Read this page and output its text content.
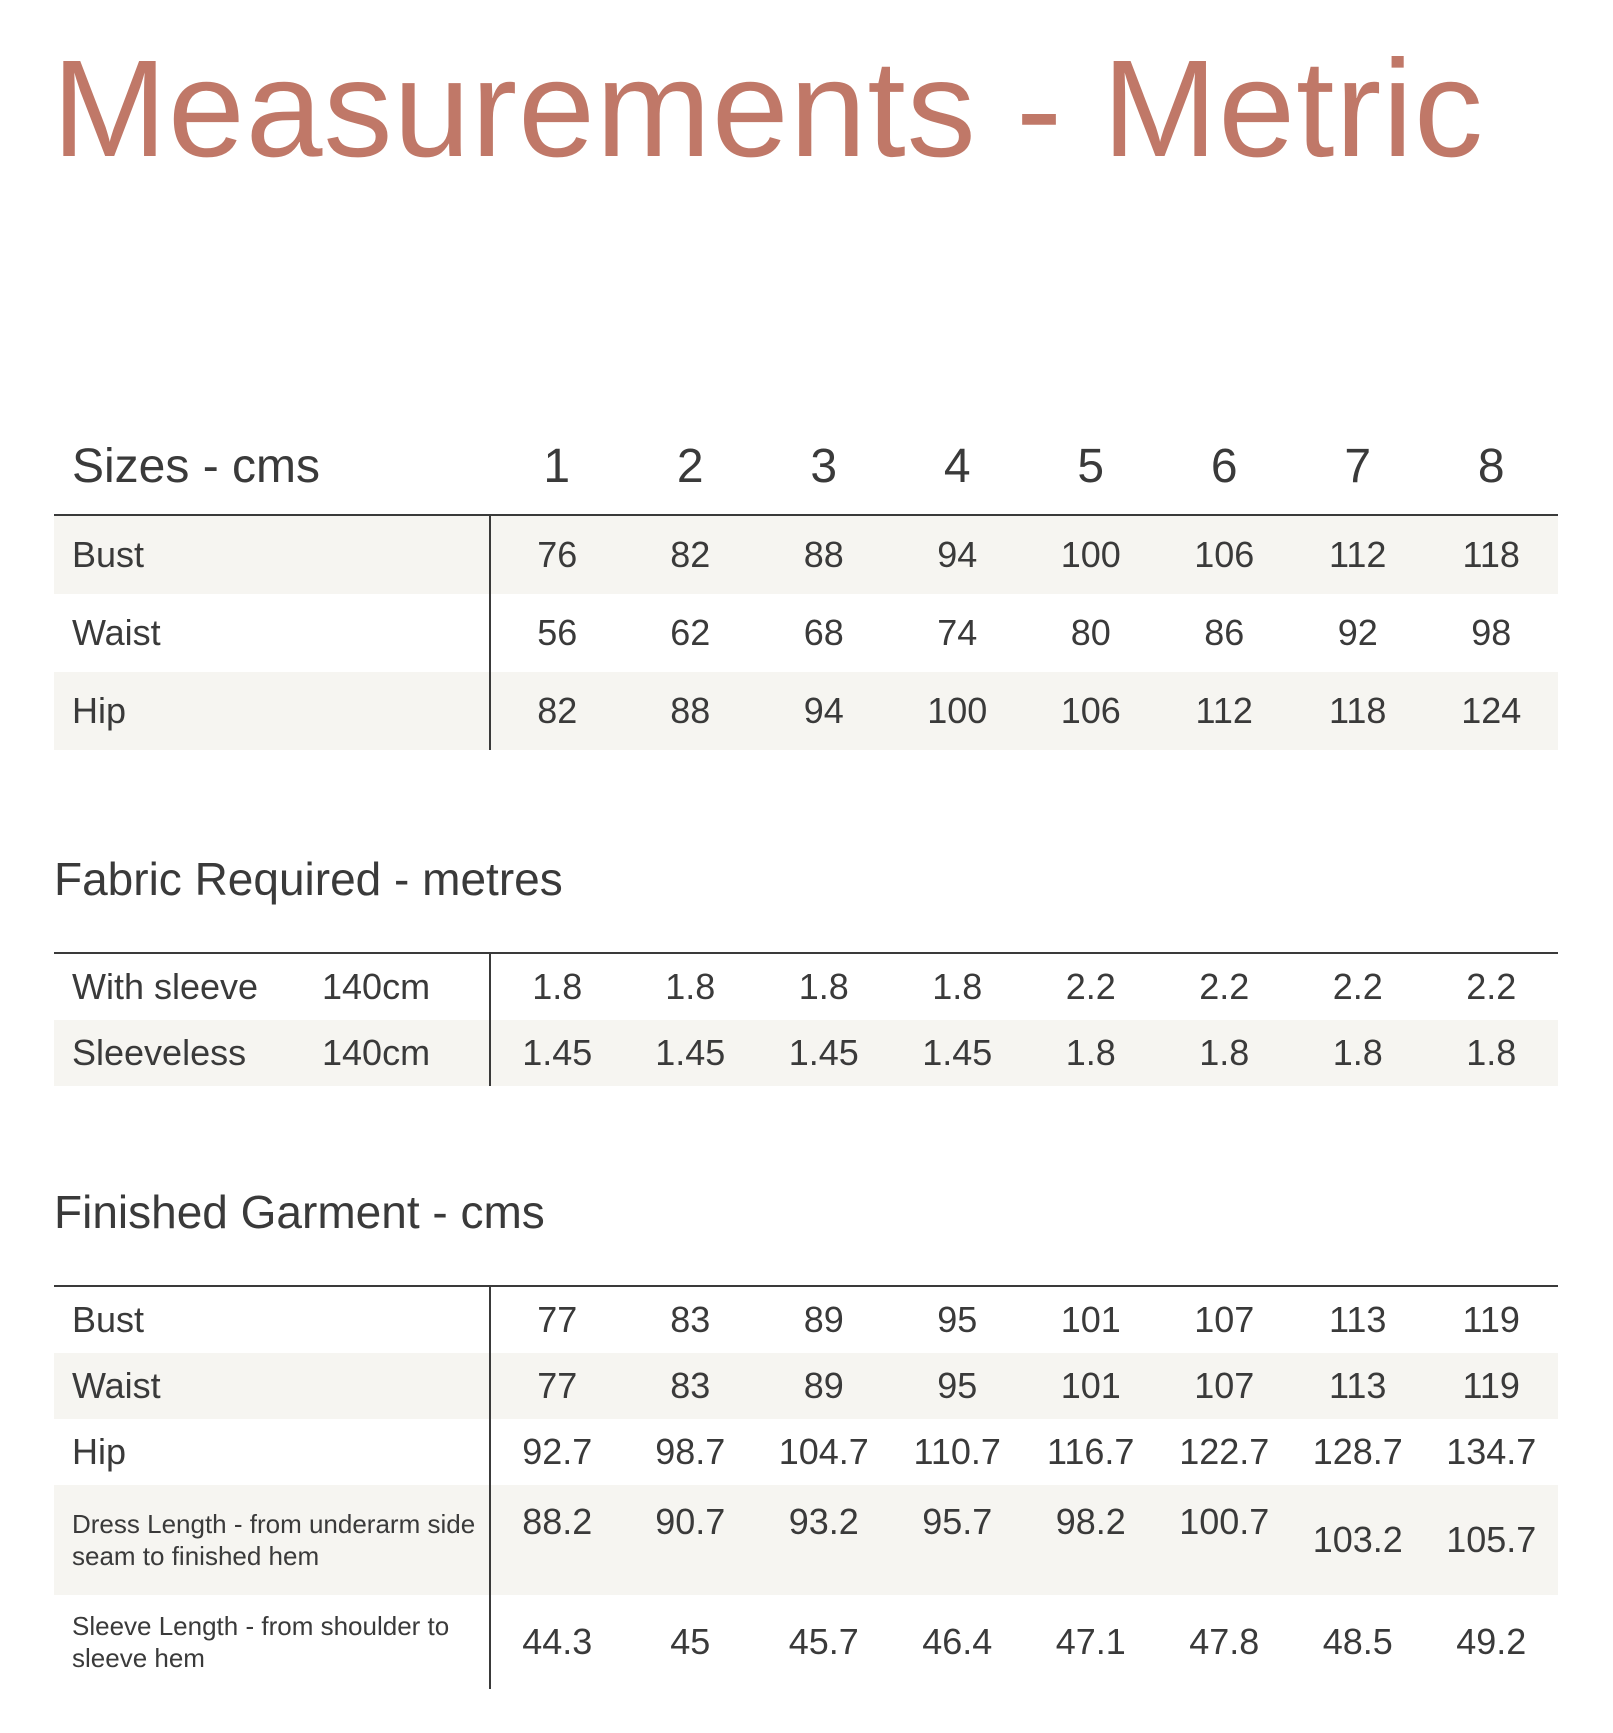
Measurements - Metric
Sizes - cms	1	2	3	4	5	6	7	8
Bust	76	82	88	94	100	106	112	118
Waist	56	62	68	74	80	86	92	98
Hip	82	88	94	100	106	112	118	124
Fabric Required - metres
With sleeve 140cm	1.8	1.8	1.8	1.8	2.2	2.2	2.2	2.2
Sleeveless 140cm	1.45	1.45	1.45	1.45	1.8	1.8	1.8	1.8
Finished Garment - cms
Bust	77	83	89	95	101	107	113	119
Waist	77	83	89	95	101	107	113	119
Hip	92.7	98.7	104.7	110.7	116.7	122.7	128.7	134.7
Dress Length - from underarm side seam to finished hem	88.2	90.7	93.2	95.7	98.2	100.7	103.2	105.7
Sleeve Length - from shoulder to sleeve hem	44.3	45	45.7	46.4	47.1	47.8	48.5	49.2
